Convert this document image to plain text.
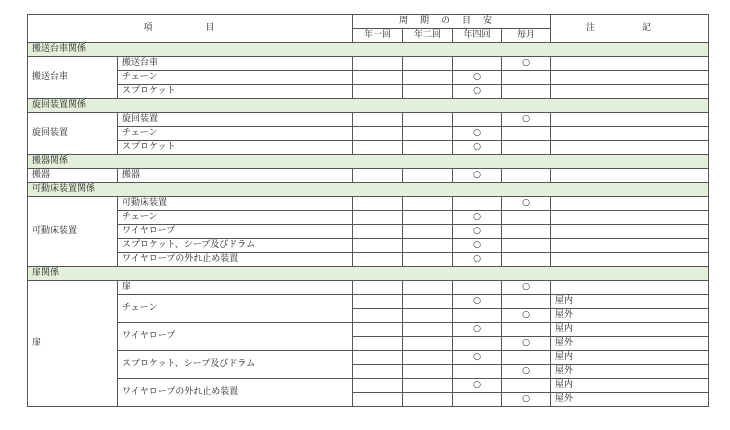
項　目		周期の目安				注 記
		年一回	年二回	年四回	毎月	
搬送台車関係						
搬送台車	搬送台車				○	
	チェーン			○		
	スプロケット			○		
旋回装置関係						
旋回装置	旋回装置				○	
	チェーン			○		
	スプロケット			○		
搬器関係						
搬器	搬器			○		
可動床装置関係						
可動床装置	可動床装置				○	
	チェーン			○		
	ワイヤロープ			○		
	スプロケット、シーブ及びドラム			○		
	ワイヤロープの外れ止め装置			○		
扉関係						
扉	扉				○	
	チェーン			○		屋内
					○	屋外
	ワイヤロープ			○		屋内
					○	屋外
	スプロケット、シーブ及びドラム			○		屋内
					○	屋外
	ワイヤロープの外れ止め装置			○		屋内
					○	屋外
